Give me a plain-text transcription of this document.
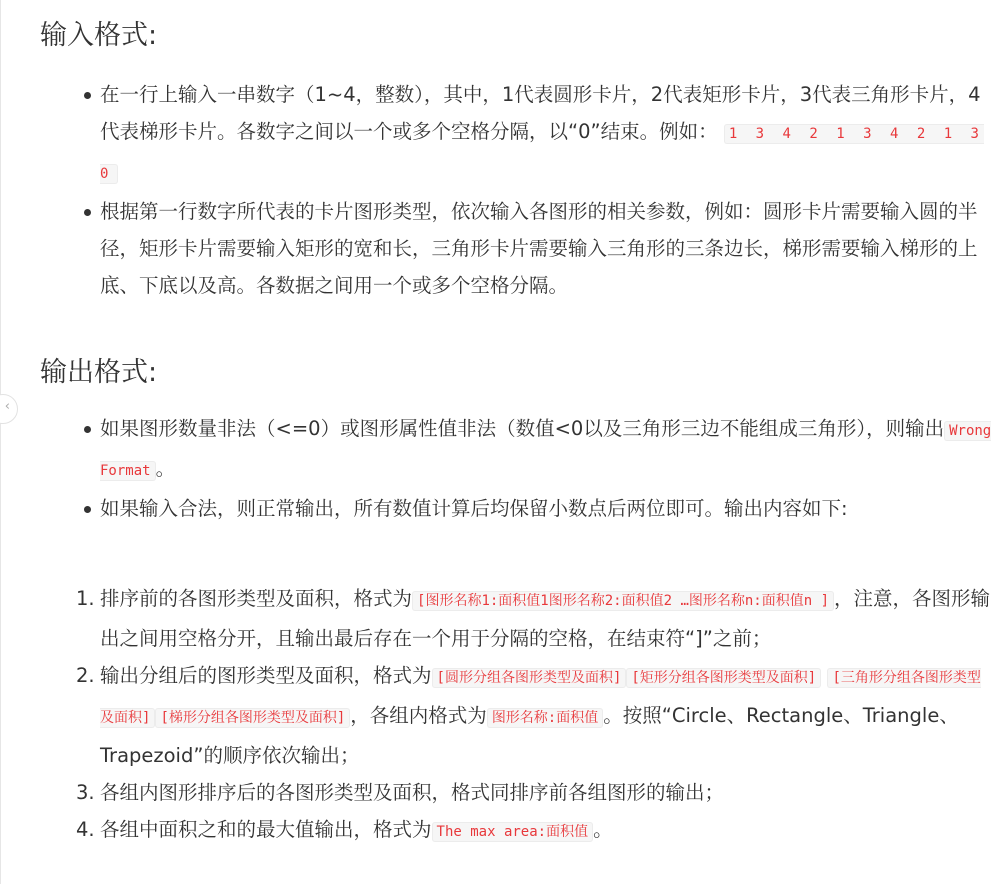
‹
输入格式:
在一行上输入一串数字（1~4，整数），其中，1代表圆形卡片，2代表矩形卡片，3代表三角形卡片，4代表梯形卡片。各数字之间以一个或多个空格分隔，以“0”结束。例如： 1 3 4 2 1 3 4 2 1 3 0
根据第一行数字所代表的卡片图形类型，依次输入各图形的相关参数，例如：圆形卡片需要输入圆的半径，矩形卡片需要输入矩形的宽和长，三角形卡片需要输入三角形的三条边长，梯形需要输入梯形的上底、下底以及高。各数据之间用一个或多个空格分隔。
输出格式:
如果图形数量非法（<=0）或图形属性值非法（数值<0以及三角形三边不能组成三角形），则输出 Wrong Format 。
如果输入合法，则正常输出，所有数值计算后均保留小数点后两位即可。输出内容如下:
1. 排序前的各图形类型及面积，格式为 [图形名称1:面积值1图形名称2:面积值2 …图形名称n:面积值n ] ，注意，各图形输出之间用空格分开，且输出最后存在一个用于分隔的空格，在结束符“]”之前；
2. 输出分组后的图形类型及面积，格式为 [圆形分组各图形类型及面积] [矩形分组各图形类型及面积] [三角形分组各图形类型及面积] [梯形分组各图形类型及面积] ，各组内格式为 图形名称:面积值 。按照“Circle、Rectangle、Triangle、Trapezoid”的顺序依次输出；
3. 各组内图形排序后的各图形类型及面积，格式同排序前各组图形的输出；
4. 各组中面积之和的最大值输出，格式为 The max area:面积值 。
